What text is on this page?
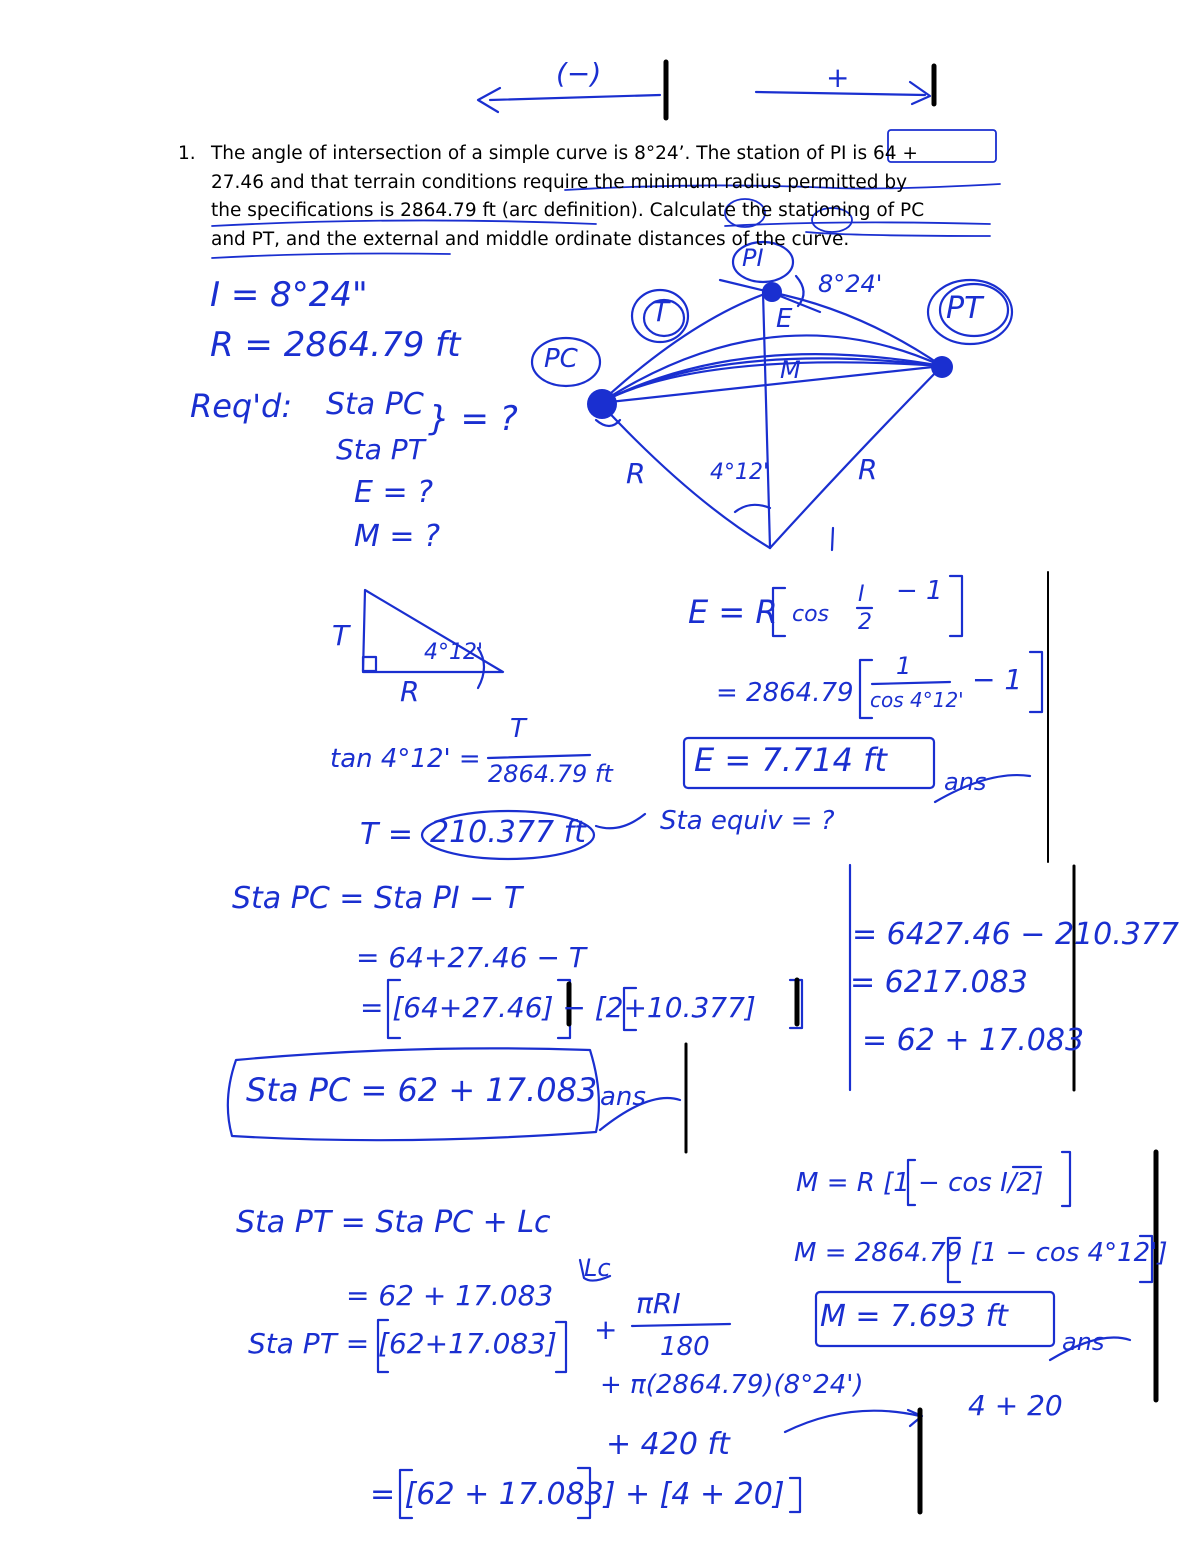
1. The angle of intersection of a simple curve is 8°24’. The station of PI is 64 +
27.46 and that terrain conditions require the minimum radius permitted by
the specifications is 2864.79 ft (arc definition). Calculate the stationing of PC
and PT, and the external and middle ordinate distances of the curve.
(−)	+
I = 8°24"
R = 2864.79 ft
Req'd: Sta PC } = ?
Sta PT
E = ?
M = ?
PI
T	PT
PC
E
M
R	R
4°12'
8°24'
T
R
4°12'
tan 4°12' =
T
2864.79 ft
T = 210.377 ft	Sta equiv = ?
E = R cos
I
2
− 1
= 2864.79
1
cos 4°12'
− 1
E = 7.714 ft
ans
Sta PC = Sta PI − T
= 64+27.46 − T
= [64+27.46] − [2+10.377]
Sta PC = 62 + 17.083 ans
= 6427.46 − 210.377
= 6217.083
= 62 + 17.083
M = R [1 − cos I/2]
M = 2864.79 [1 − cos 4°12']
M = 7.693 ft
ans
4 + 20
Sta PT = Sta PC + Lc
Lc
= 62 + 17.083
Sta PT = [62+17.083] +
πRI
180
+ π(2864.79)(8°24')
+ 420 ft
= [62 + 17.083] + [4 + 20]
